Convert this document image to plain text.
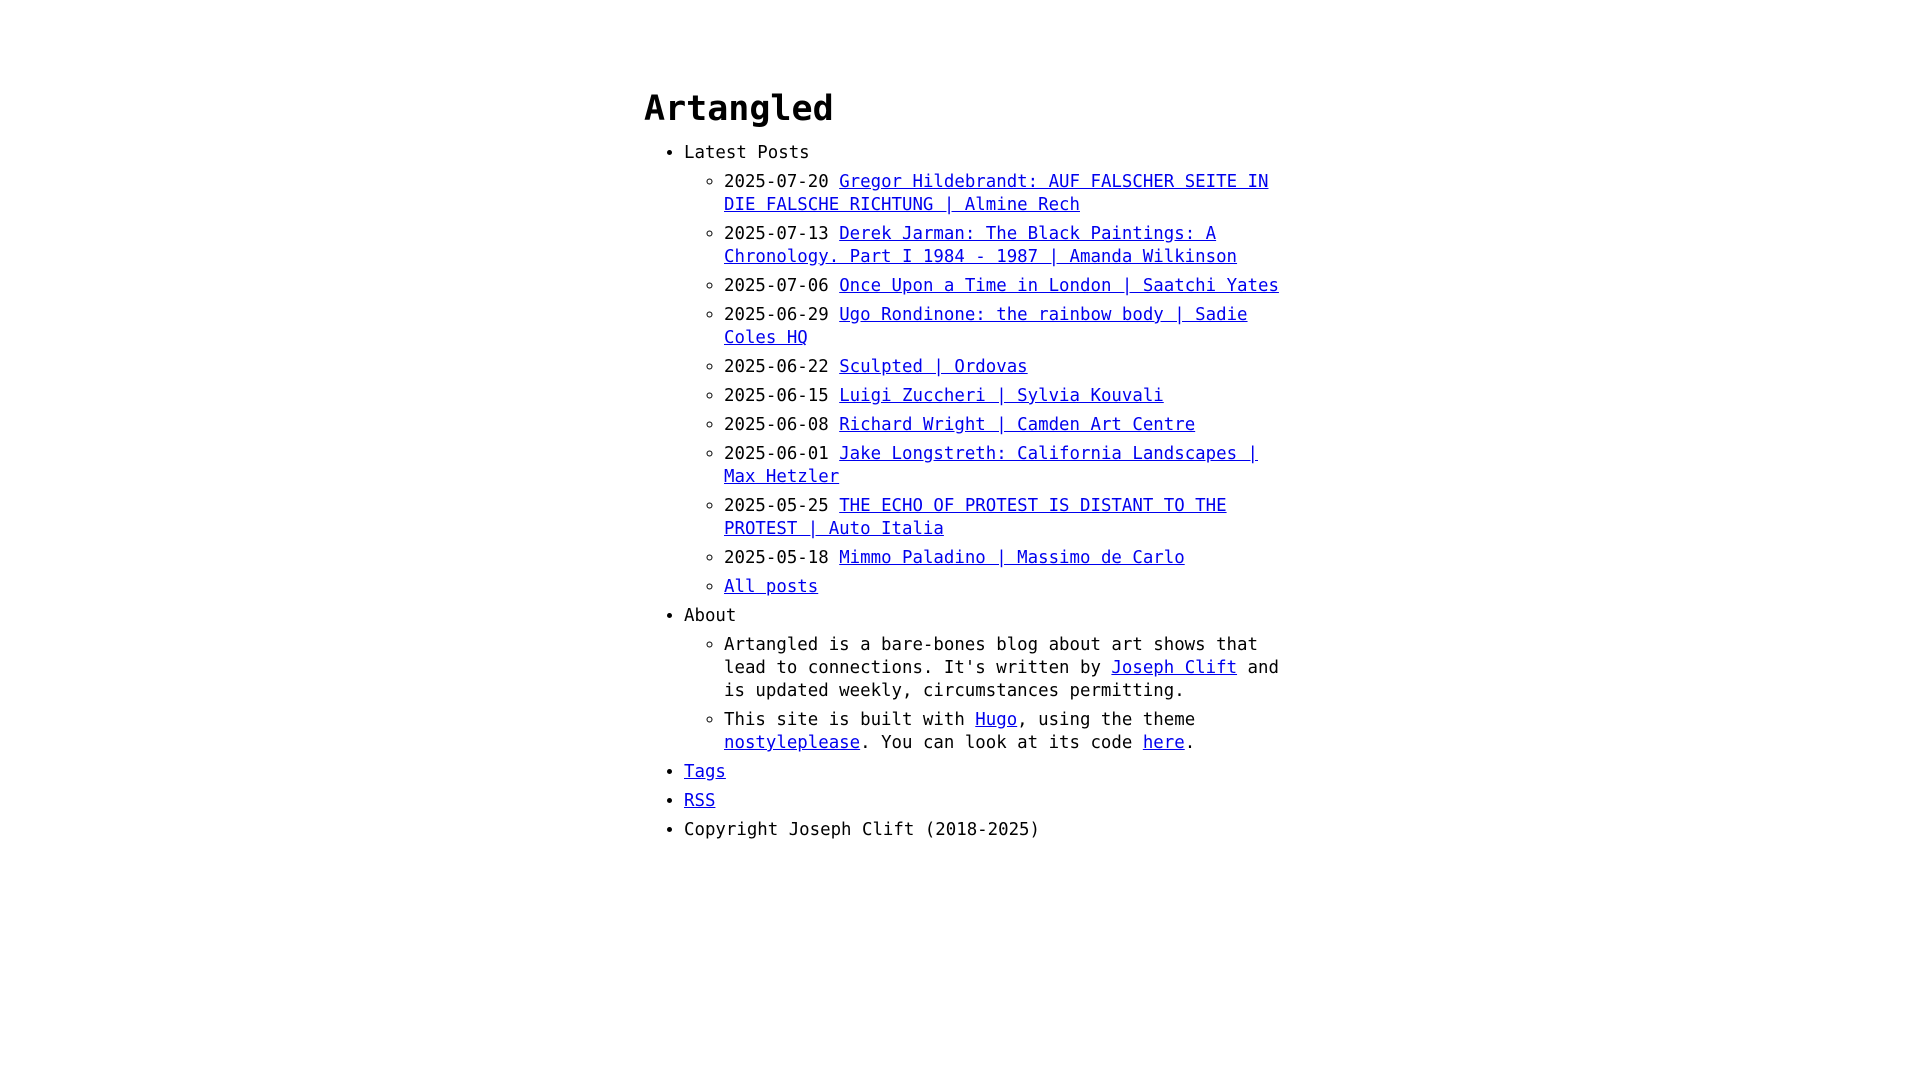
Artangled
• Latest Posts
◦ 2025-07-20 Gregor Hildebrandt: AUF FALSCHER SEITE IN DIE FALSCHE RICHTUNG | Almine Rech
◦ 2025-07-13 Derek Jarman: The Black Paintings: A Chronology. Part I 1984 - 1987 | Amanda Wilkinson
◦ 2025-07-06 Once Upon a Time in London | Saatchi Yates
◦ 2025-06-29 Ugo Rondinone: the rainbow body | Sadie Coles HQ
◦ 2025-06-22 Sculpted | Ordovas
◦ 2025-06-15 Luigi Zuccheri | Sylvia Kouvali
◦ 2025-06-08 Richard Wright | Camden Art Centre
◦ 2025-06-01 Jake Longstreth: California Landscapes | Max Hetzler
◦ 2025-05-25 THE ECHO OF PROTEST IS DISTANT TO THE PROTEST | Auto Italia
◦ 2025-05-18 Mimmo Paladino | Massimo de Carlo
◦ All posts
• About
◦ Artangled is a bare-bones blog about art shows that lead to connections. It's written by Joseph Clift and is updated weekly, circumstances permitting.
◦ This site is built with Hugo, using the theme nostyleplease. You can look at its code here.
• Tags
• RSS
• Copyright Joseph Clift (2018-2025)
